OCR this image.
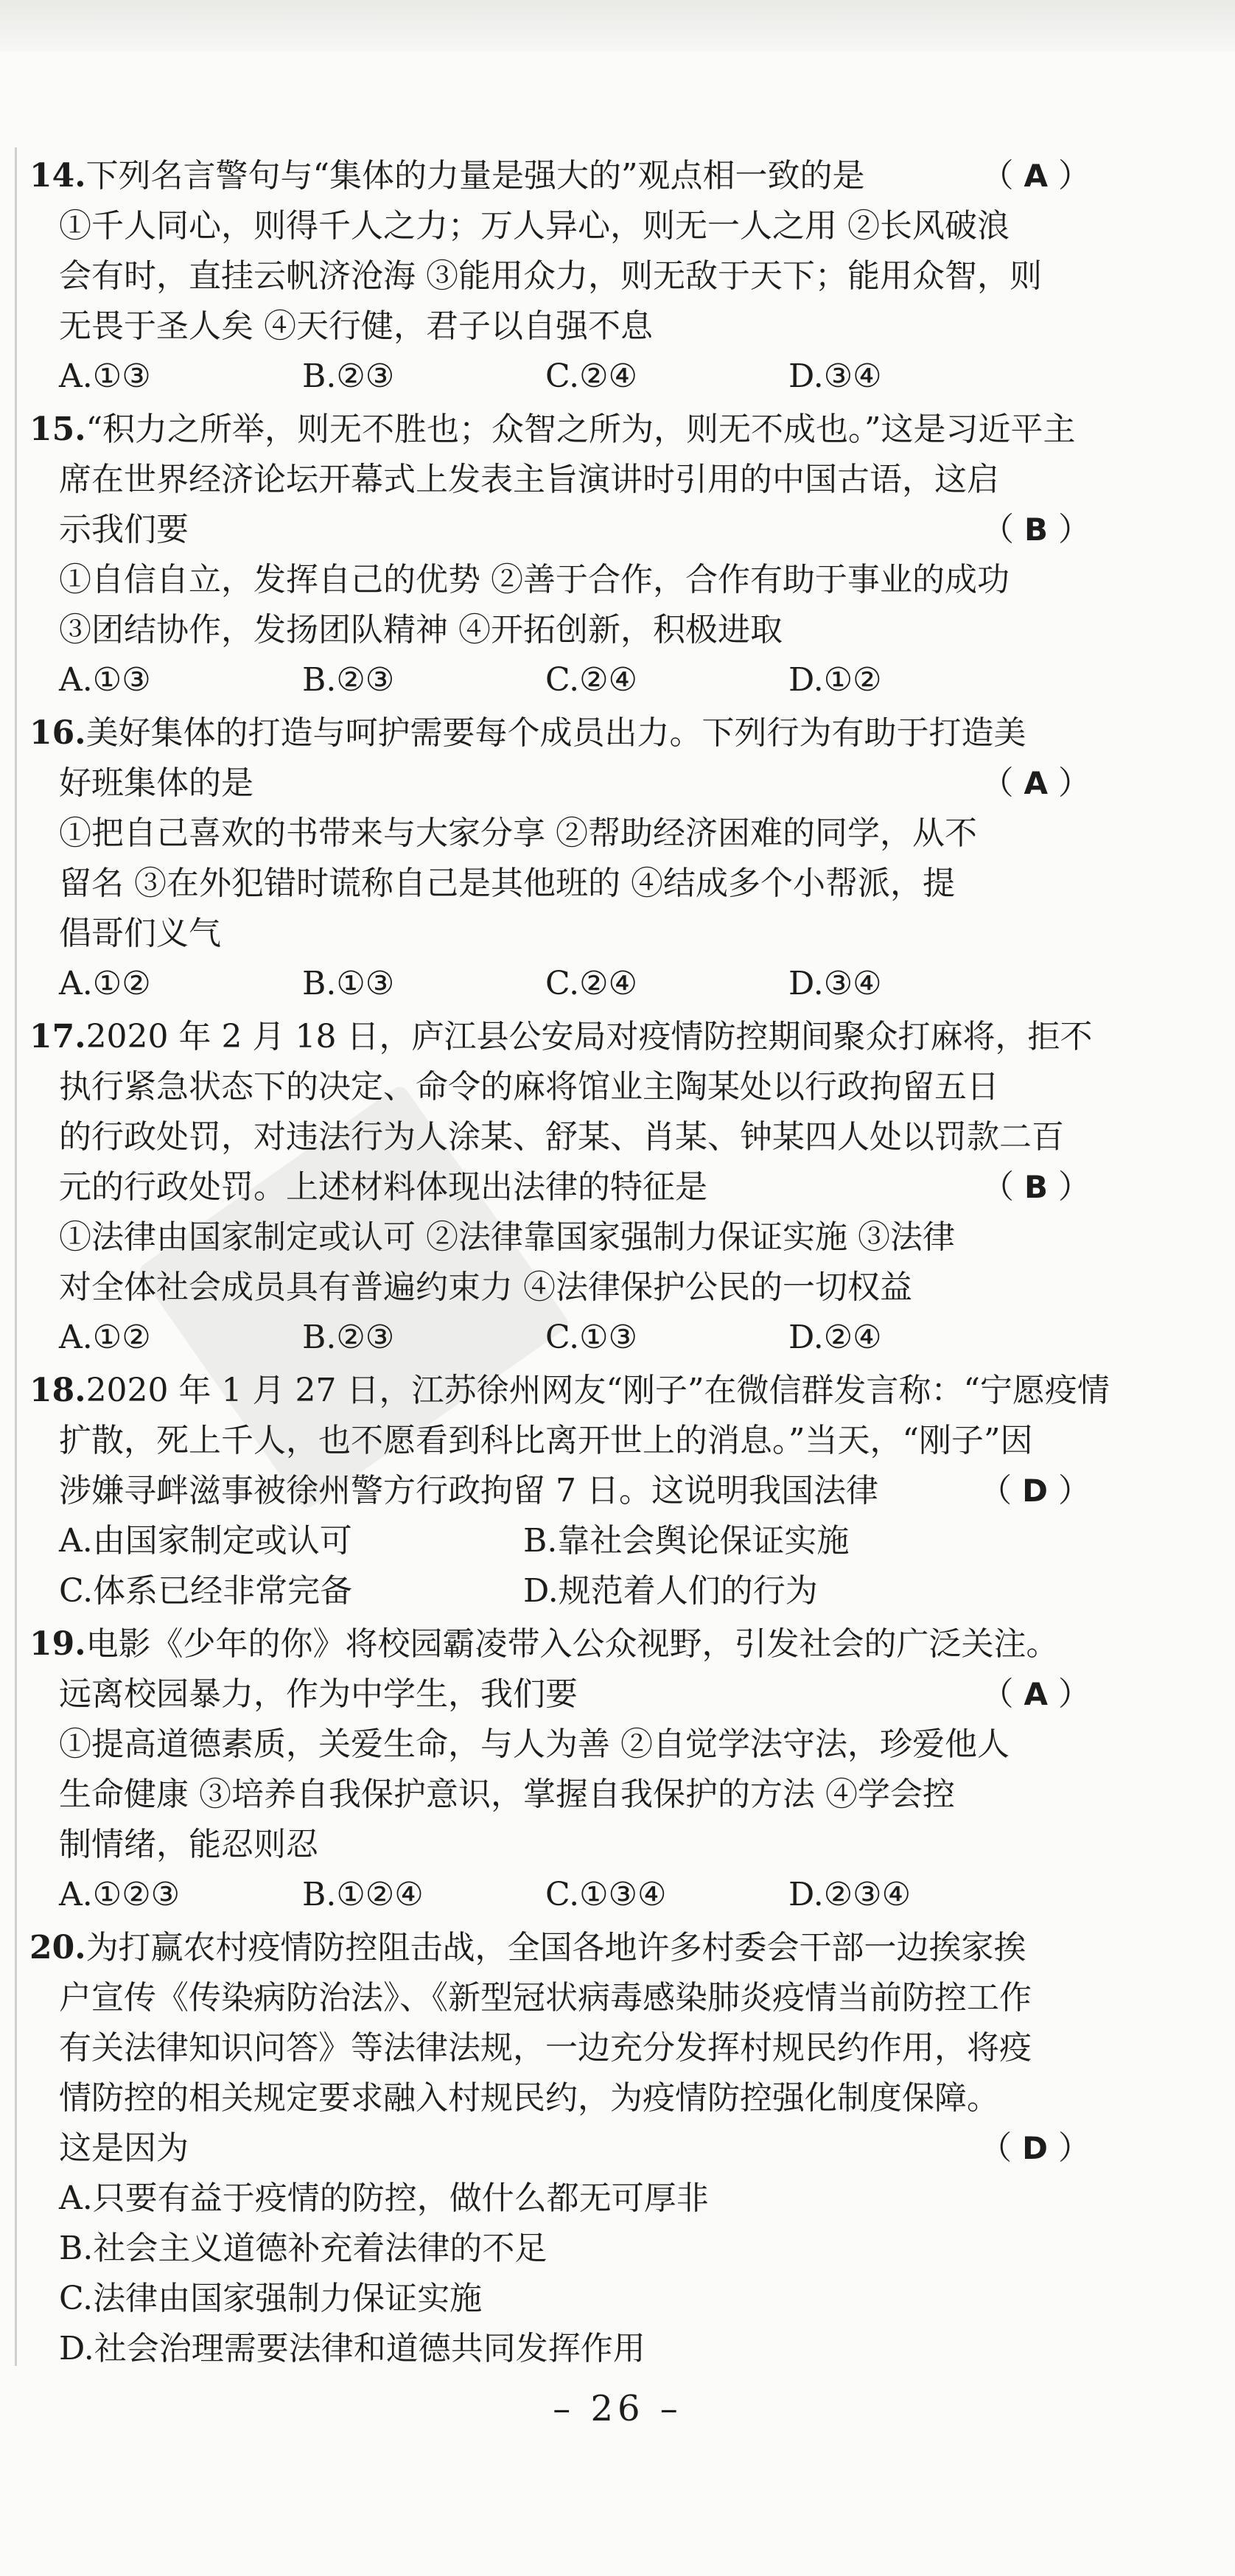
14.下列名言警句与“集体的力量是强大的”观点相一致的是	（ A ）
①千人同心，则得千人之力；万人异心，则无一人之用 ②长风破浪
会有时，直挂云帆济沧海 ③能用众力，则无敌于天下；能用众智，则
无畏于圣人矣 ④天行健，君子以自强不息
A.①③	B.②③	C.②④	D.③④
15.“积力之所举，则无不胜也；众智之所为，则无不成也。”这是习近平主
席在世界经济论坛开幕式上发表主旨演讲时引用的中国古语，这启
示我们要	（ B ）
①自信自立，发挥自己的优势 ②善于合作，合作有助于事业的成功
③团结协作，发扬团队精神 ④开拓创新，积极进取
A.①③	B.②③	C.②④	D.①②
16.美好集体的打造与呵护需要每个成员出力。下列行为有助于打造美
好班集体的是	（ A ）
①把自己喜欢的书带来与大家分享 ②帮助经济困难的同学，从不
留名 ③在外犯错时谎称自己是其他班的 ④结成多个小帮派，提
倡哥们义气
A.①②	B.①③	C.②④	D.③④
17.2020 年 2 月 18 日，庐江县公安局对疫情防控期间聚众打麻将，拒不
执行紧急状态下的决定、命令的麻将馆业主陶某处以行政拘留五日
的行政处罚，对违法行为人涂某、舒某、肖某、钟某四人处以罚款二百
元的行政处罚。上述材料体现出法律的特征是	（ B ）
①法律由国家制定或认可 ②法律靠国家强制力保证实施 ③法律
对全体社会成员具有普遍约束力 ④法律保护公民的一切权益
A.①②	B.②③	C.①③	D.②④
18.2020 年 1 月 27 日，江苏徐州网友“刚子”在微信群发言称：“宁愿疫情
扩散，死上千人，也不愿看到科比离开世上的消息。”当天，“刚子”因
涉嫌寻衅滋事被徐州警方行政拘留 7 日。这说明我国法律	（ D ）
A.由国家制定或认可	B.靠社会舆论保证实施
C.体系已经非常完备	D.规范着人们的行为
19.电影《少年的你》将校园霸凌带入公众视野，引发社会的广泛关注。
远离校园暴力，作为中学生，我们要	（ A ）
①提高道德素质，关爱生命，与人为善 ②自觉学法守法，珍爱他人
生命健康 ③培养自我保护意识，掌握自我保护的方法 ④学会控
制情绪，能忍则忍
A.①②③	B.①②④	C.①③④	D.②③④
20.为打赢农村疫情防控阻击战，全国各地许多村委会干部一边挨家挨
户宣传《传染病防治法》、《新型冠状病毒感染肺炎疫情当前防控工作
有关法律知识问答》等法律法规，一边充分发挥村规民约作用，将疫
情防控的相关规定要求融入村规民约，为疫情防控强化制度保障。
这是因为	（ D ）
A.只要有益于疫情的防控，做什么都无可厚非
B.社会主义道德补充着法律的不足
C.法律由国家强制力保证实施
D.社会治理需要法律和道德共同发挥作用
– 26 –
